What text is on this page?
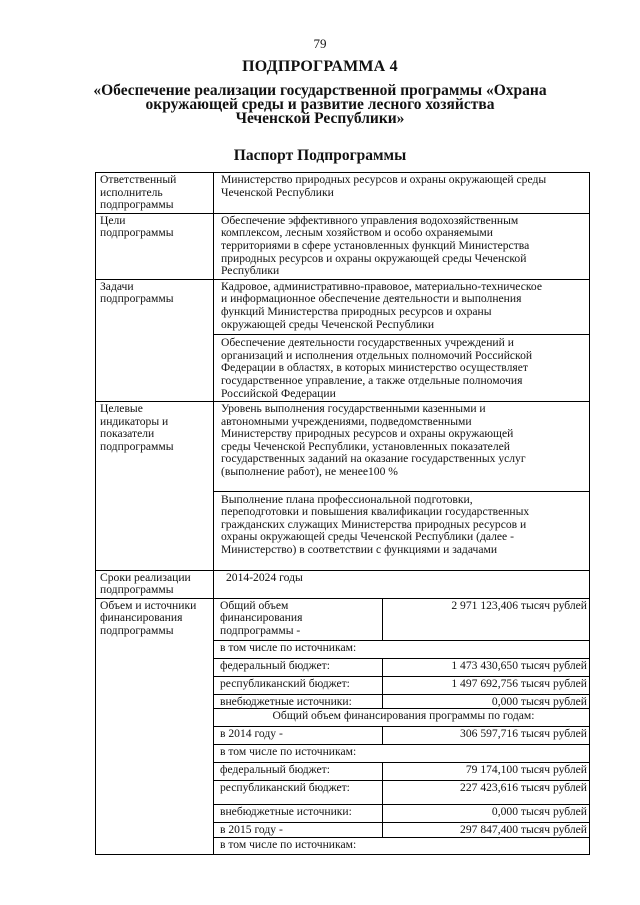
79
ПОДПРОГРАММА 4
«Обеспечение реализации государственной программы «Охрана
окружающей среды и развитие лесного хозяйства
Чеченской Республики»
Паспорт Подпрограммы
Ответственный
исполнитель
подпрограммы

Министерство природных ресурсов и охраны окружающей среды
Чеченской Республики

Цели
подпрограммы

Обеспечение эффективного управления водохозяйственным
комплексом, лесным хозяйством и особо охраняемыми
территориями в сфере установленных функций Министерства
природных ресурсов и охраны окружающей среды Чеченской
Республики

Задачи
подпрограммы

Кадровое, административно-правовое, материально-техническое
и информационное обеспечение деятельности и выполнения
функций Министерства природных ресурсов и охраны
окружающей среды Чеченской Республики
Обеспечение деятельности государственных учреждений и
организаций и исполнения отдельных полномочий Российской
Федерации в областях, в которых министерство осуществляет
государственное управление, а также отдельные полномочия
Российской Федерации

Целевые
индикаторы и
показатели
подпрограммы

Уровень выполнения государственными казенными и
автономными учреждениями, подведомственными
Министерству природных ресурсов и охраны окружающей
среды Чеченской Республики, установленных показателей
государственных заданий на оказание государственных услуг
(выполнение работ), не менее100 %
Выполнение плана профессиональной подготовки,
переподготовки и повышения квалификации государственных
гражданских служащих Министерства природных ресурсов и
охраны окружающей среды Чеченской Республики (далее -
Министерство) в соответствии с функциями и задачами

Сроки реализации
подпрограммы
	2014-2024 годы

Объем и источники
финансирования
подпрограммы

Общий объем
финансирования
подпрограммы -
	2 971 123,406 тысяч рублей
в том числе по источникам:
федеральный бюджет:	1 473 430,650 тысяч рублей
республиканский бюджет:	1 497 692,756 тысяч рублей
внебюджетные источники:	0,000 тысяч рублей
Общий объем финансирования программы по годам:
в 2014 году -	306 597,716 тысяч рублей
в том числе по источникам:
федеральный бюджет:	79 174,100 тысяч рублей
республиканский бюджет:	227 423,616 тысяч рублей
внебюджетные источники:	0,000 тысяч рублей
в 2015 году -	297 847,400 тысяч рублей
в том числе по источникам:
